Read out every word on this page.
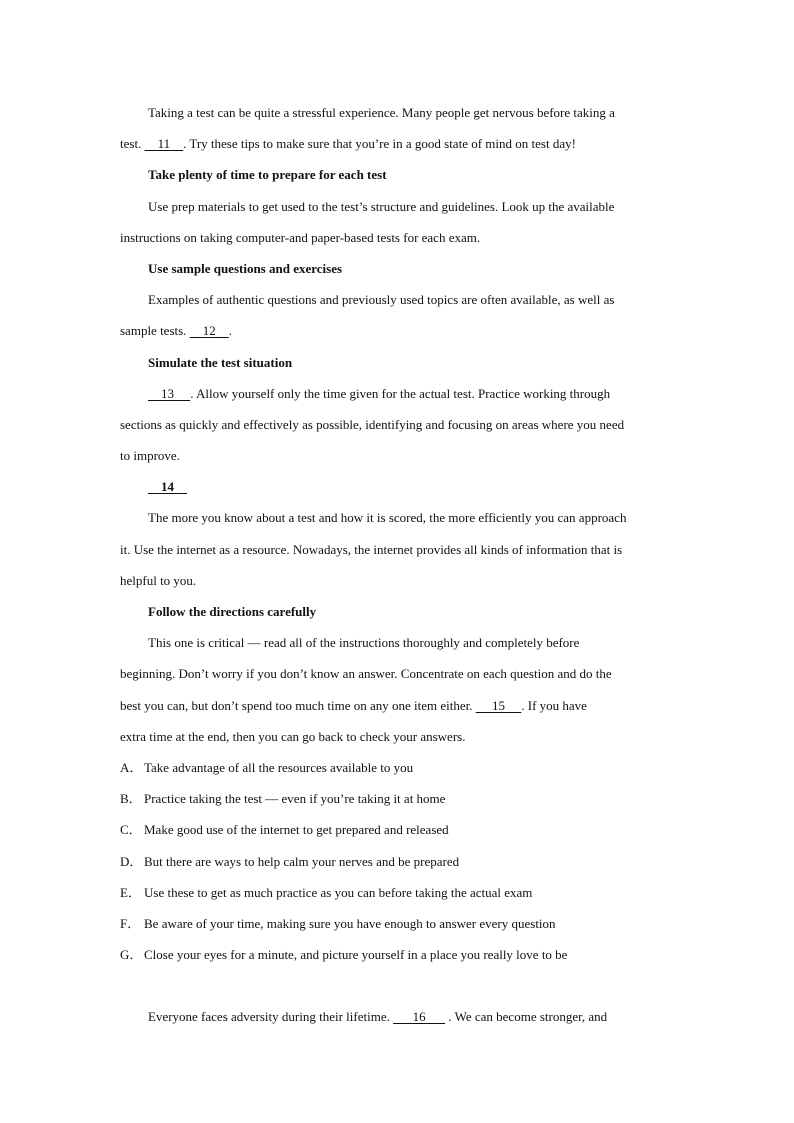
Taking a test can be quite a stressful experience. Many people get nervous before taking a
test.     11 . Try these tips to make sure that you’re in a good state of mind on test day!
Take plenty of time to prepare for each test
Use prep materials to get used to the test’s structure and guidelines. Look up the available
instructions on taking computer-and paper-based tests for each exam.
Use sample questions and exercises
Examples of authentic questions and previously used topics are often available, as well as
sample tests.     12 .
Simulate the test situation
13 . Allow yourself only the time given for the actual test. Practice working through
sections as quickly and effectively as possible, identifying and focusing on areas where you need
to improve.
14
The more you know about a test and how it is scored, the more efficiently you can approach
it. Use the internet as a resource. Nowadays, the internet provides all kinds of information that is
helpful to you.
Follow the directions carefully
This one is critical — read all of the instructions thoroughly and completely before
beginning. Don’t worry if you don’t know an answer. Concentrate on each question and do the
best you can, but don’t spend too much time on any one item either.      15 . If you have
extra time at the end, then you can go back to check your answers.
A． Take advantage of all the resources available to you
B． Practice taking the test — even if you’re taking it at home
C． Make good use of the internet to get prepared and released
D． But there are ways to help calm your nerves and be prepared
E． Use these to get as much practice as you can before taking the actual exam
F． Be aware of your time, making sure you have enough to answer every question
G． Close your eyes for a minute, and picture yourself in a place you really love to be
Everyone faces adversity during their lifetime.       16       . We can become stronger, and
